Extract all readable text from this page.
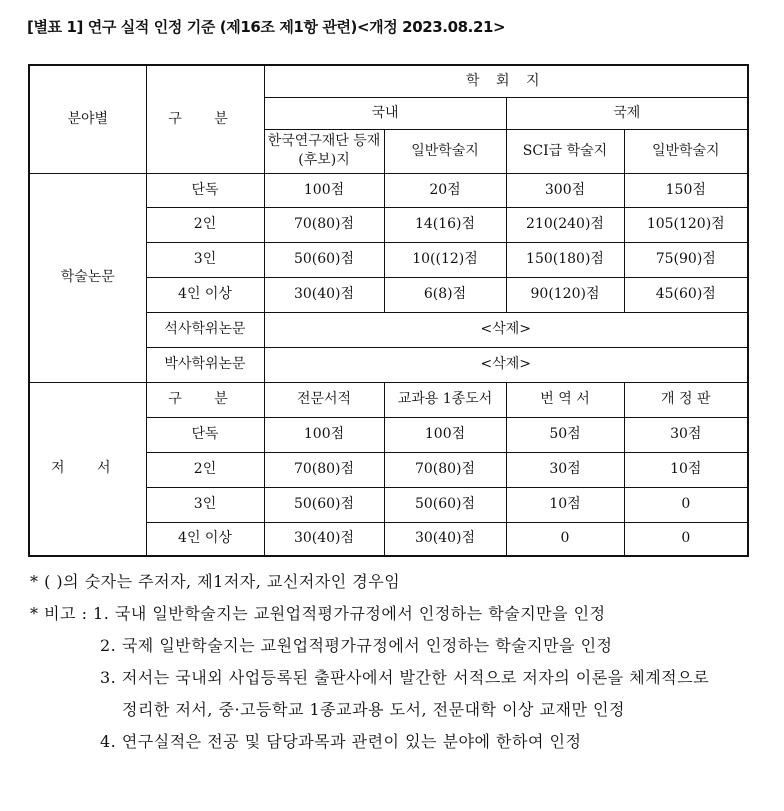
[별표 1] 연구 실적 인정 기준 (제16조 제1항 관련)<개정 2023.08.21>
분야별	구 분	학 회 지			
		국내		국제	
		한국연구재단 등재(후보)지	일반학술지	SCI급 학술지	일반학술지
학술논문	단독	100점	20점	300점	150점
	2인	70(80)점	14(16)점	210(240)점	105(120)점
	3인	50(60)점	10((12)점	150(180)점	75(90)점
	4인 이상	30(40)점	6(8)점	90(120)점	45(60)점
	석사학위논문	<삭제>			
	박사학위논문	<삭제>			
저 서	구 분	전문서적	교과용 1종도서	번 역 서	개 정 판
	단독	100점	100점	50점	30점
	2인	70(80)점	70(80)점	30점	10점
	3인	50(60)점	50(60)점	10점	0
	4인 이상	30(40)점	30(40)점	0	0
* ( )의 숫자는 주저자, 제1저자, 교신저자인 경우임
* 비고 : 1. 국내 일반학술지는 교원업적평가규정에서 인정하는 학술지만을 인정
2. 국제 일반학술지는 교원업적평가규정에서 인정하는 학술지만을 인정
3. 저서는 국내외 사업등록된 출판사에서 발간한 서적으로 저자의 이론을 체계적으로
정리한 저서, 중·고등학교 1종교과용 도서, 전문대학 이상 교재만 인정
4. 연구실적은 전공 및 담당과목과 관련이 있는 분야에 한하여 인정
